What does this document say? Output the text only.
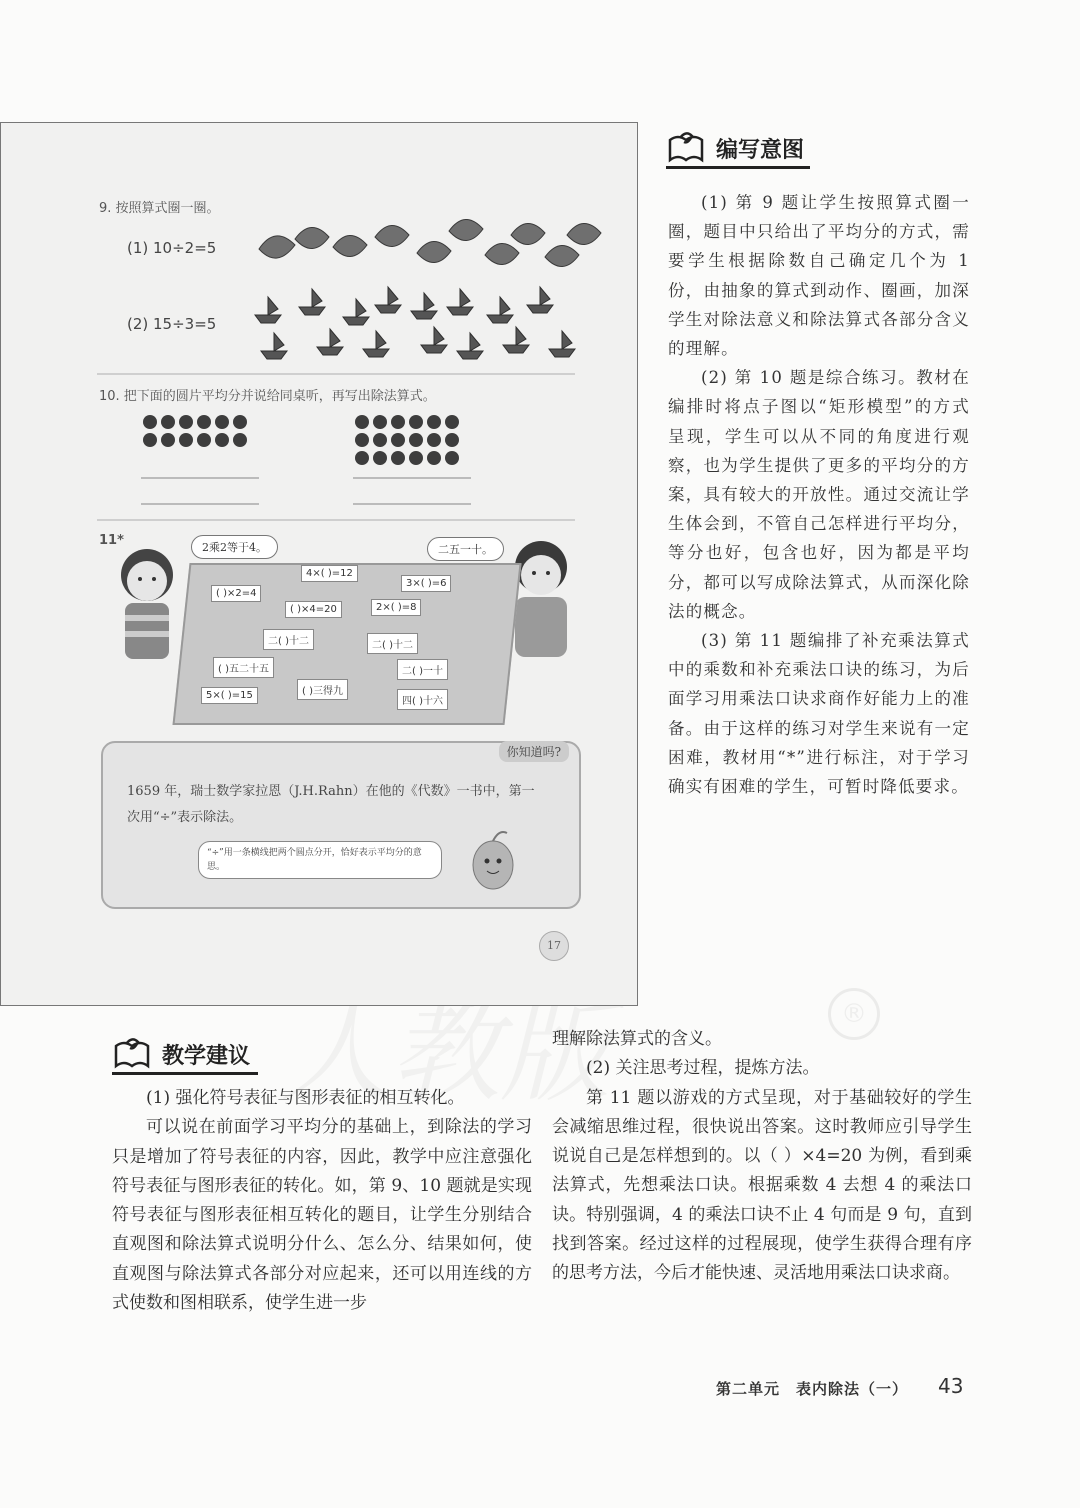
®
9. 按照算式圈一圈。
(1) 10÷2=5
(2) 15÷3=5
10. 把下面的圆片平均分并说给同桌听，再写出除法算式。
11*	2乘2等于4。	二五一十。
( )×2=4
4×( )=12
3×( )=6
( )×4=20	2×( )=8
二( )十二	二( )十二
( )五二十五	二( )一十
5×( )=15	( )三得九
四( )十六
你知道吗?
1659 年，瑞士数学家拉恩（J.H.Rahn）在他的《代数》一书中，第一次用“÷”表示除法。
“÷”用一条横线把两个圆点分开，恰好表示平均分的意思。
17
编写意图

(1) 第 9 题让学生按照算式圈一圈，题目中只给出了平均分的方式，需要学生根据除数自己确定几个为 1 份，由抽象的算式到动作、圈画，加深学生对除法意义和除法算式各部分含义的理解。

(2) 第 10 题是综合练习。教材在编排时将点子图以“矩形模型”的方式呈现，学生可以从不同的角度进行观察，也为学生提供了更多的平均分的方案，具有较大的开放性。通过交流让学生体会到，不管自己怎样进行平均分，等分也好，包含也好，因为都是平均分，都可以写成除法算式，从而深化除法的概念。

(3) 第 11 题编排了补充乘法算式中的乘数和补充乘法口诀的练习，为后面学习用乘法口诀求商作好能力上的准备。由于这样的练习对学生来说有一定困难，教材用“*”进行标注，对于学习确实有困难的学生，可暂时降低要求。

教学建议

(1) 强化符号表征与图形表征的相互转化。

可以说在前面学习平均分的基础上，到除法的学习只是增加了符号表征的内容，因此，教学中应注意强化符号表征与图形表征的转化。如，第 9、10 题就是实现符号表征与图形表征相互转化的题目，让学生分别结合直观图和除法算式说明分什么、怎么分、结果如何，使直观图与除法算式各部分对应起来，还可以用连线的方式使数和图相联系，使学生进一步

理解除法算式的含义。

(2) 关注思考过程，提炼方法。

第 11 题以游戏的方式呈现，对于基础较好的学生会减缩思维过程，很快说出答案。这时教师应引导学生说说自己是怎样想到的。以（ ）×4=20 为例，看到乘法算式，先想乘法口诀。根据乘数 4 去想 4 的乘法口诀。特别强调，4 的乘法口诀不止 4 句而是 9 句，直到找到答案。经过这样的过程展现，使学生获得合理有序的思考方法，今后才能快速、灵活地用乘法口诀求商。

第二单元　表内除法（一） 43
